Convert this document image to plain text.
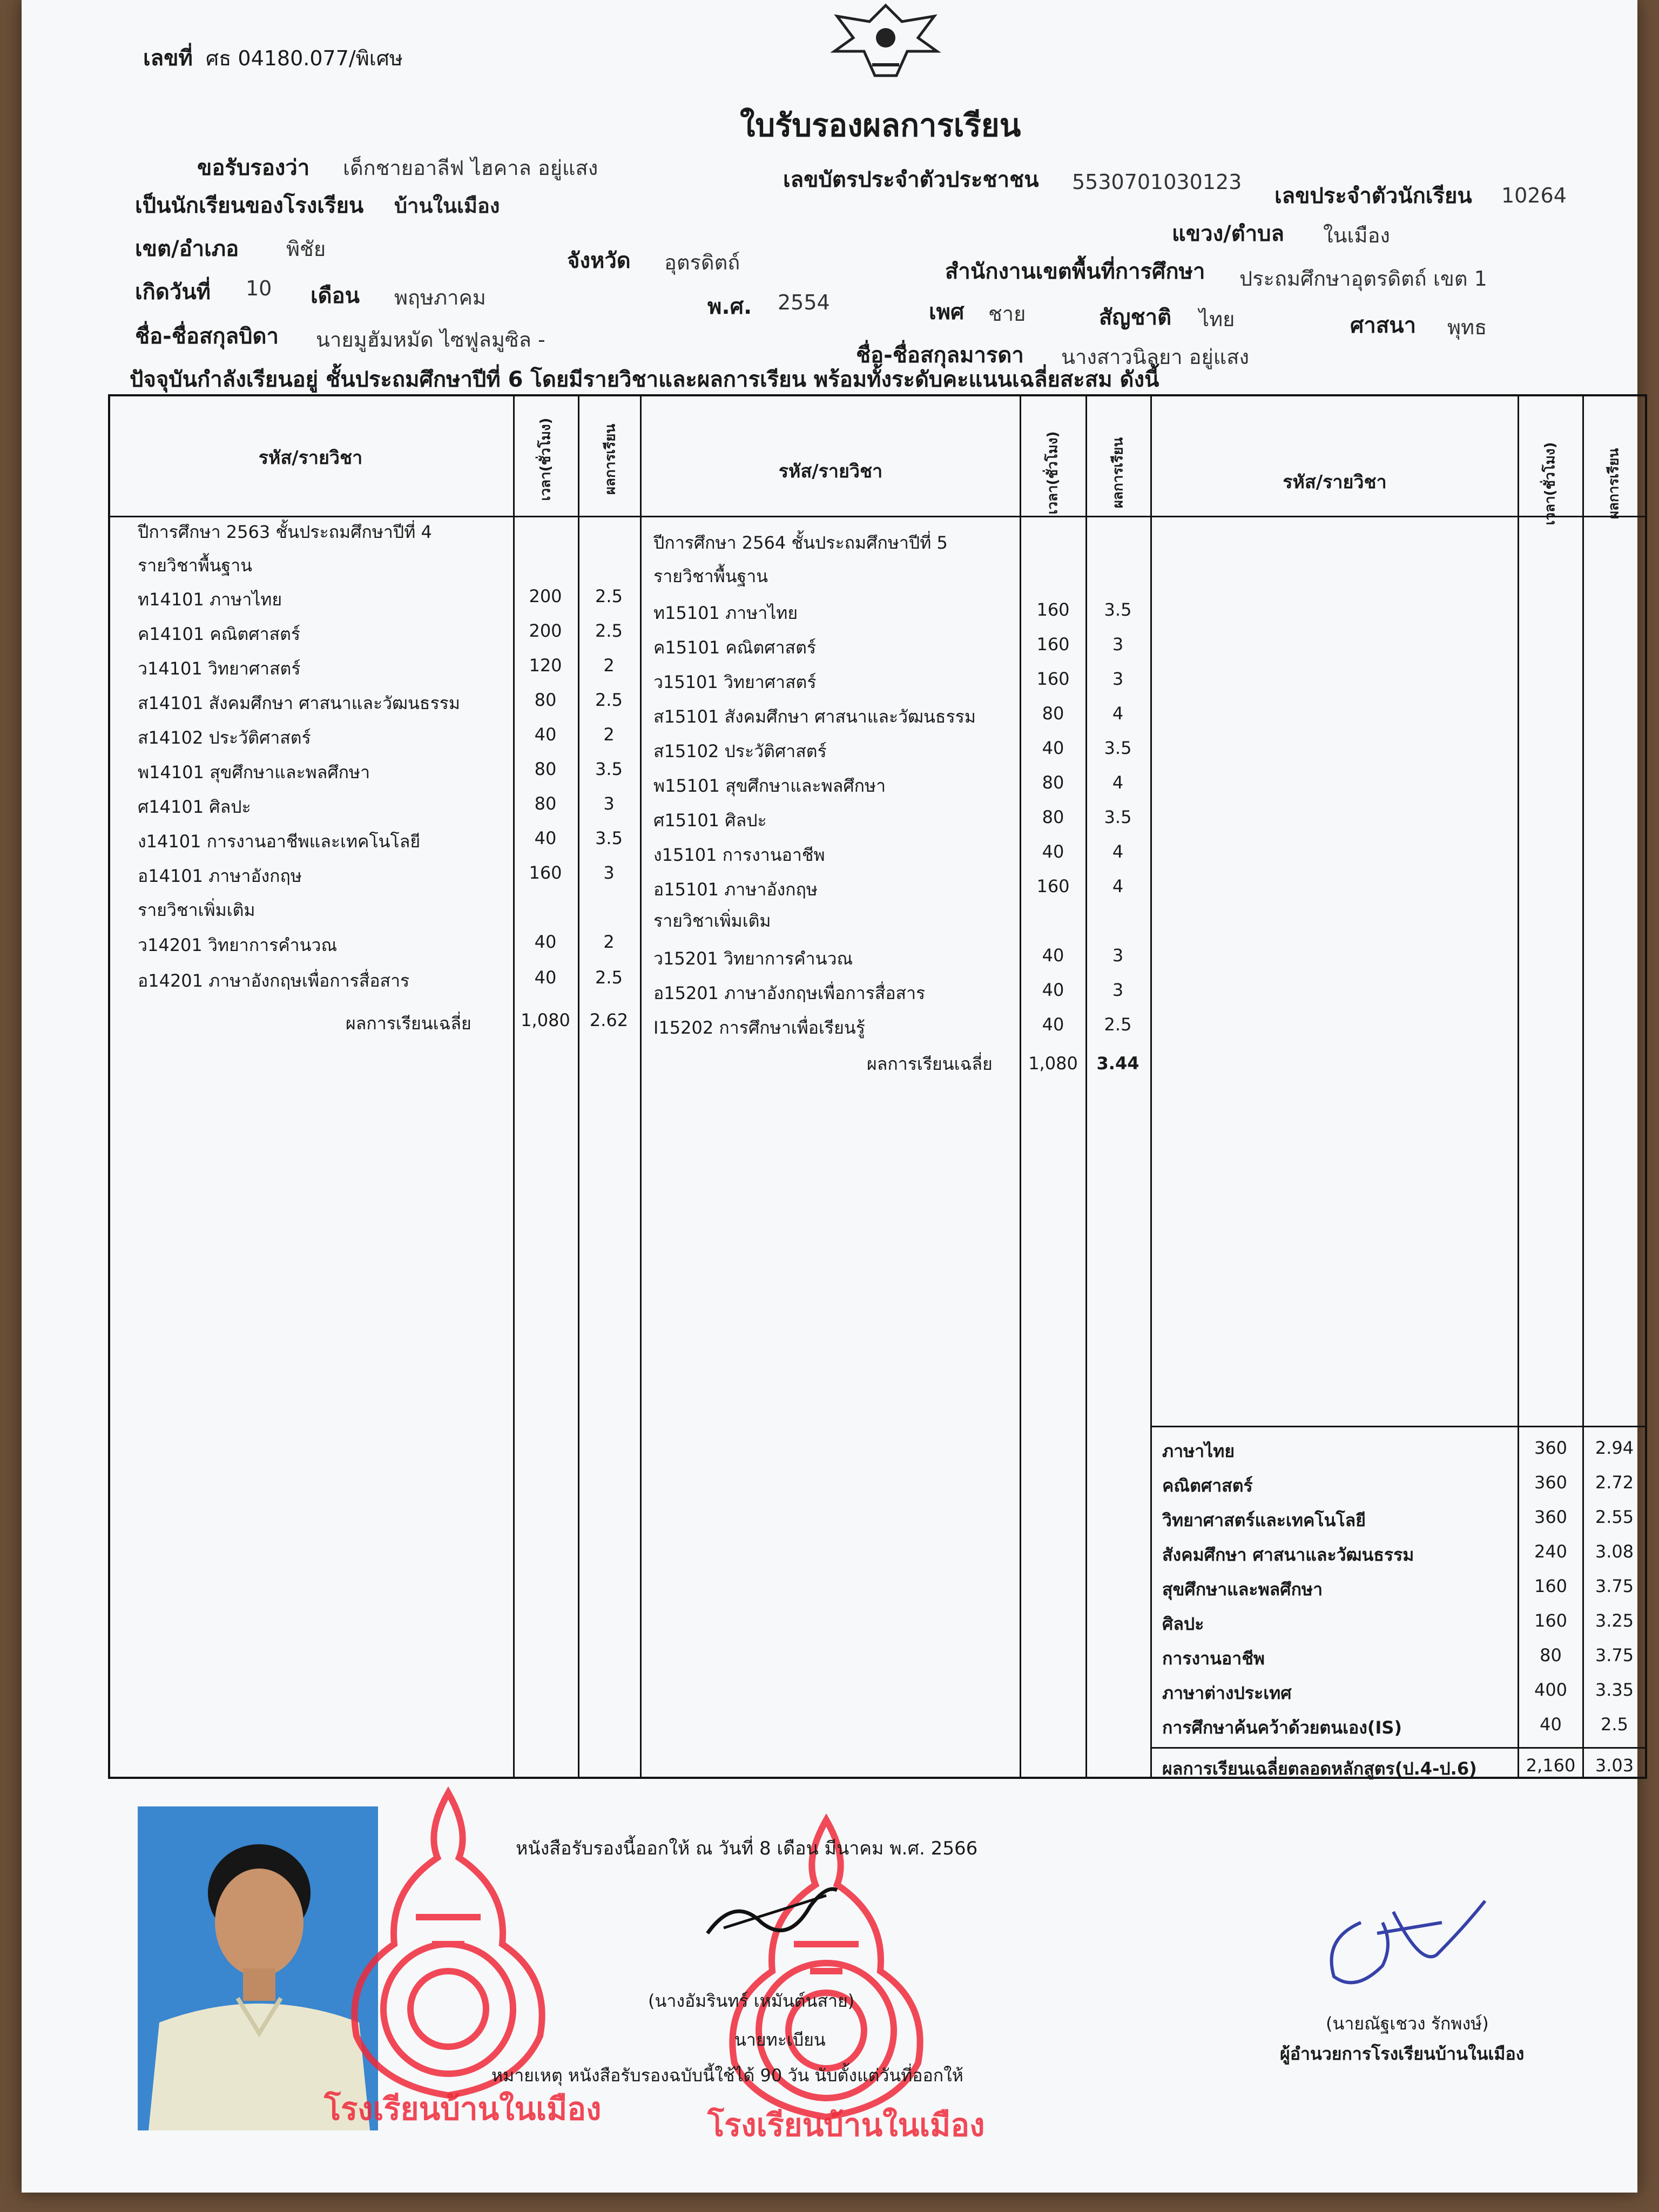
เลขที่ ศธ 04180.077/พิเศษ
ใบรับรองผลการเรียน
ขอรับรองว่า เด็กชายอาลีฟ ไฮคาล อยู่แสง	เลขบัตรประจำตัวประชาชน 5530701030123
เลขประจำตัวนักเรียน 10264
เป็นนักเรียนของโรงเรียน บ้านในเมือง
แขวง/ตำบล ในเมือง
เขต/อำเภอ พิชัย	จังหวัด อุตรดิตถ์	สำนักงานเขตพื้นที่การศึกษา ประถมศึกษาอุตรดิตถ์ เขต 1
เกิดวันที่ 10 เดือน พฤษภาคม	พ.ศ. 2554	เพศ ชาย	สัญชาติ ไทย	ศาสนา พุทธ
ชื่อ-ชื่อสกุลบิดา นายมูฮัมหมัด ไซฟูลมูซิล -
ชื่อ-ชื่อสกุลมารดา นางสาวนิลยา อยู่แสง
ปัจจุบันกำลังเรียนอยู่ ชั้นประถมศึกษาปีที่ 6 โดยมีรายวิชาและผลการเรียน พร้อมทั้งระดับคะแนนเฉลี่ยสะสม ดังนี้
รหัส/รายวิชา	เวลา(ชั่วโมง)	ผลการเรียน	รหัส/รายวิชา	เวลา(ชั่วโมง)	ผลการเรียน	รหัส/รายวิชา	เวลา(ชั่วโมง)	ผลการเรียน
ปีการศึกษา 2563 ชั้นประถมศึกษาปีที่ 4
รายวิชาพื้นฐาน
ท14101 ภาษาไทย	200	2.5
ค14101 คณิตศาสตร์	200	2.5
ว14101 วิทยาศาสตร์	120	2
ส14101 สังคมศึกษา ศาสนาและวัฒนธรรม	80	2.5
ส14102 ประวัติศาสตร์	40	2
พ14101 สุขศึกษาและพลศึกษา	80	3.5
ศ14101 ศิลปะ	80	3
ง14101 การงานอาชีพและเทคโนโลยี	40	3.5
อ14101 ภาษาอังกฤษ	160	3
รายวิชาเพิ่มเติม
ว14201 วิทยาการคำนวณ	40	2
อ14201 ภาษาอังกฤษเพื่อการสื่อสาร	40	2.5
ผลการเรียนเฉลี่ย	1,080	2.62
ปีการศึกษา 2564 ชั้นประถมศึกษาปีที่ 5
รายวิชาพื้นฐาน
ท15101 ภาษาไทย	160	3.5
ค15101 คณิตศาสตร์	160	3
ว15101 วิทยาศาสตร์	160	3
ส15101 สังคมศึกษา ศาสนาและวัฒนธรรม	80	4
ส15102 ประวัติศาสตร์	40	3.5
พ15101 สุขศึกษาและพลศึกษา	80	4
ศ15101 ศิลปะ	80	3.5
ง15101 การงานอาชีพ	40	4
อ15101 ภาษาอังกฤษ	160	4
รายวิชาเพิ่มเติม
ว15201 วิทยาการคำนวณ	40	3
อ15201 ภาษาอังกฤษเพื่อการสื่อสาร	40	3
I15202 การศึกษาเพื่อเรียนรู้	40	2.5
ผลการเรียนเฉลี่ย	1,080	3.44
ภาษาไทย	360	2.94
คณิตศาสตร์	360	2.72
วิทยาศาสตร์และเทคโนโลยี	360	2.55
สังคมศึกษา ศาสนาและวัฒนธรรม	240	3.08
สุขศึกษาและพลศึกษา	160	3.75
ศิลปะ	160	3.25
การงานอาชีพ	80	3.75
ภาษาต่างประเทศ	400	3.35
การศึกษาค้นคว้าด้วยตนเอง(IS)	40	2.5
ผลการเรียนเฉลี่ยตลอดหลักสูตร(ป.4-ป.6)	2,160	3.03
โรงเรียนบ้านในเมือง	โรงเรียนบ้านในเมือง
หนังสือรับรองนี้ออกให้ ณ วันที่ 8 เดือน มีนาคม พ.ศ. 2566
(นางอัมรินทร์ เหมันต์นสาย)
นายทะเบียน
หมายเหตุ หนังสือรับรองฉบับนี้ใช้ได้ 90 วัน นับตั้งแต่วันที่ออกให้
(นายณัฐเชวง รักพงษ์)
ผู้อำนวยการโรงเรียนบ้านในเมือง
